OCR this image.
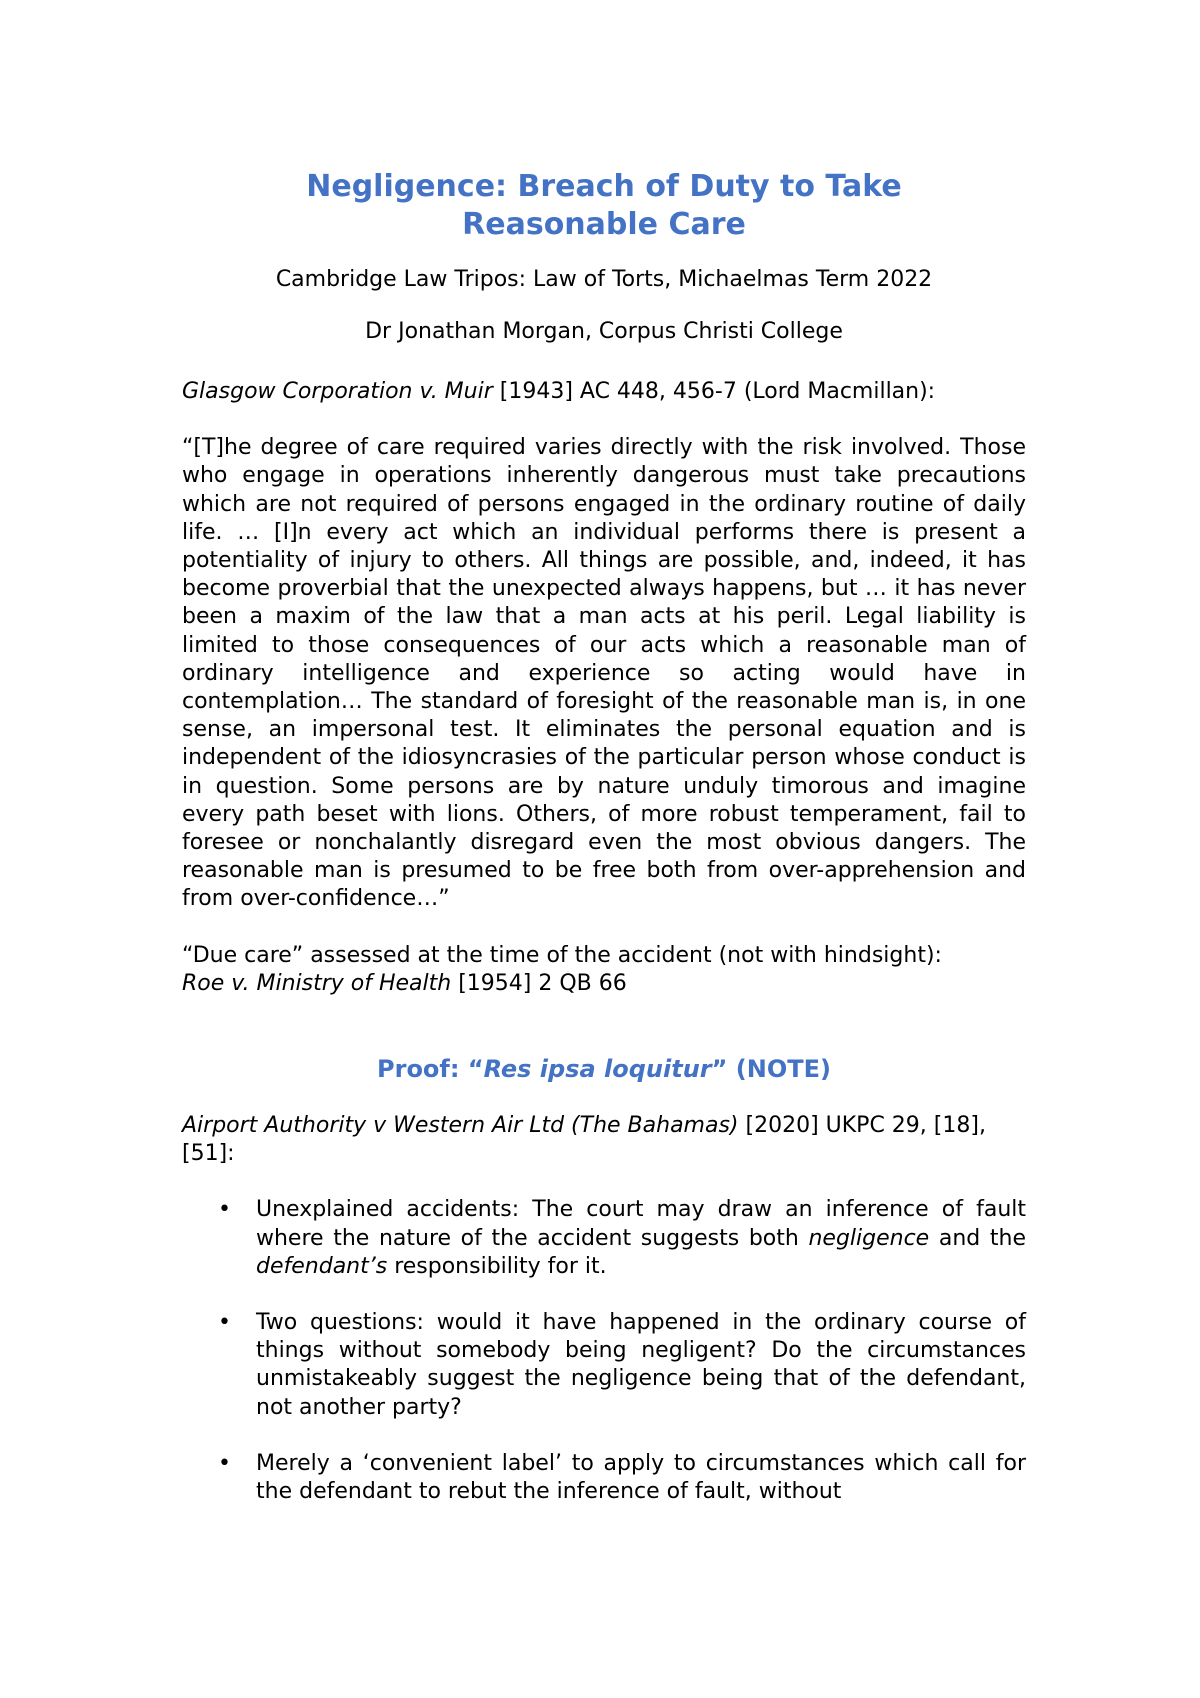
Negligence: Breach of Duty to Take
Reasonable Care
Cambridge Law Tripos: Law of Torts, Michaelmas Term 2022
Dr Jonathan Morgan, Corpus Christi College

Glasgow Corporation v. Muir [1943] AC 448, 456-7 (Lord Macmillan):

“[T]he degree of care required varies directly with the risk involved. Those who engage in operations inherently dangerous must take precautions which are not required of persons engaged in the ordinary routine of daily life. … [I]n every act which an individual performs there is present a potentiality of injury to others. All things are possible, and, indeed, it has become proverbial that the unexpected always happens, but … it has never been a maxim of the law that a man acts at his peril. Legal liability is limited to those consequences of our acts which a reasonable man of ordinary intelligence and experience so acting would have in contemplation… The standard of foresight of the reasonable man is, in one sense, an impersonal test. It eliminates the personal equation and is independent of the idiosyncrasies of the particular person whose conduct is in question. Some persons are by nature unduly timorous and imagine every path beset with lions. Others, of more robust temperament, fail to foresee or nonchalantly disregard even the most obvious dangers. The reasonable man is presumed to be free both from over-apprehension and from over-confidence…”

“Due care” assessed at the time of the accident (not with hindsight):
Roe v. Ministry of Health [1954] 2 QB 66

Proof: “Res ipsa loquitur” (NOTE)

Airport Authority v Western Air Ltd (The Bahamas) [2020] UKPC 29, [18], [51]:

• Unexplained accidents: The court may draw an inference of fault where the nature of the accident suggests both negligence and the defendant’s responsibility for it.
• Two questions: would it have happened in the ordinary course of things without somebody being negligent? Do the circumstances unmistakeably suggest the negligence being that of the defendant, not another party?
• Merely a ‘convenient label’ to apply to circumstances which call for the defendant to rebut the inference of fault, without
